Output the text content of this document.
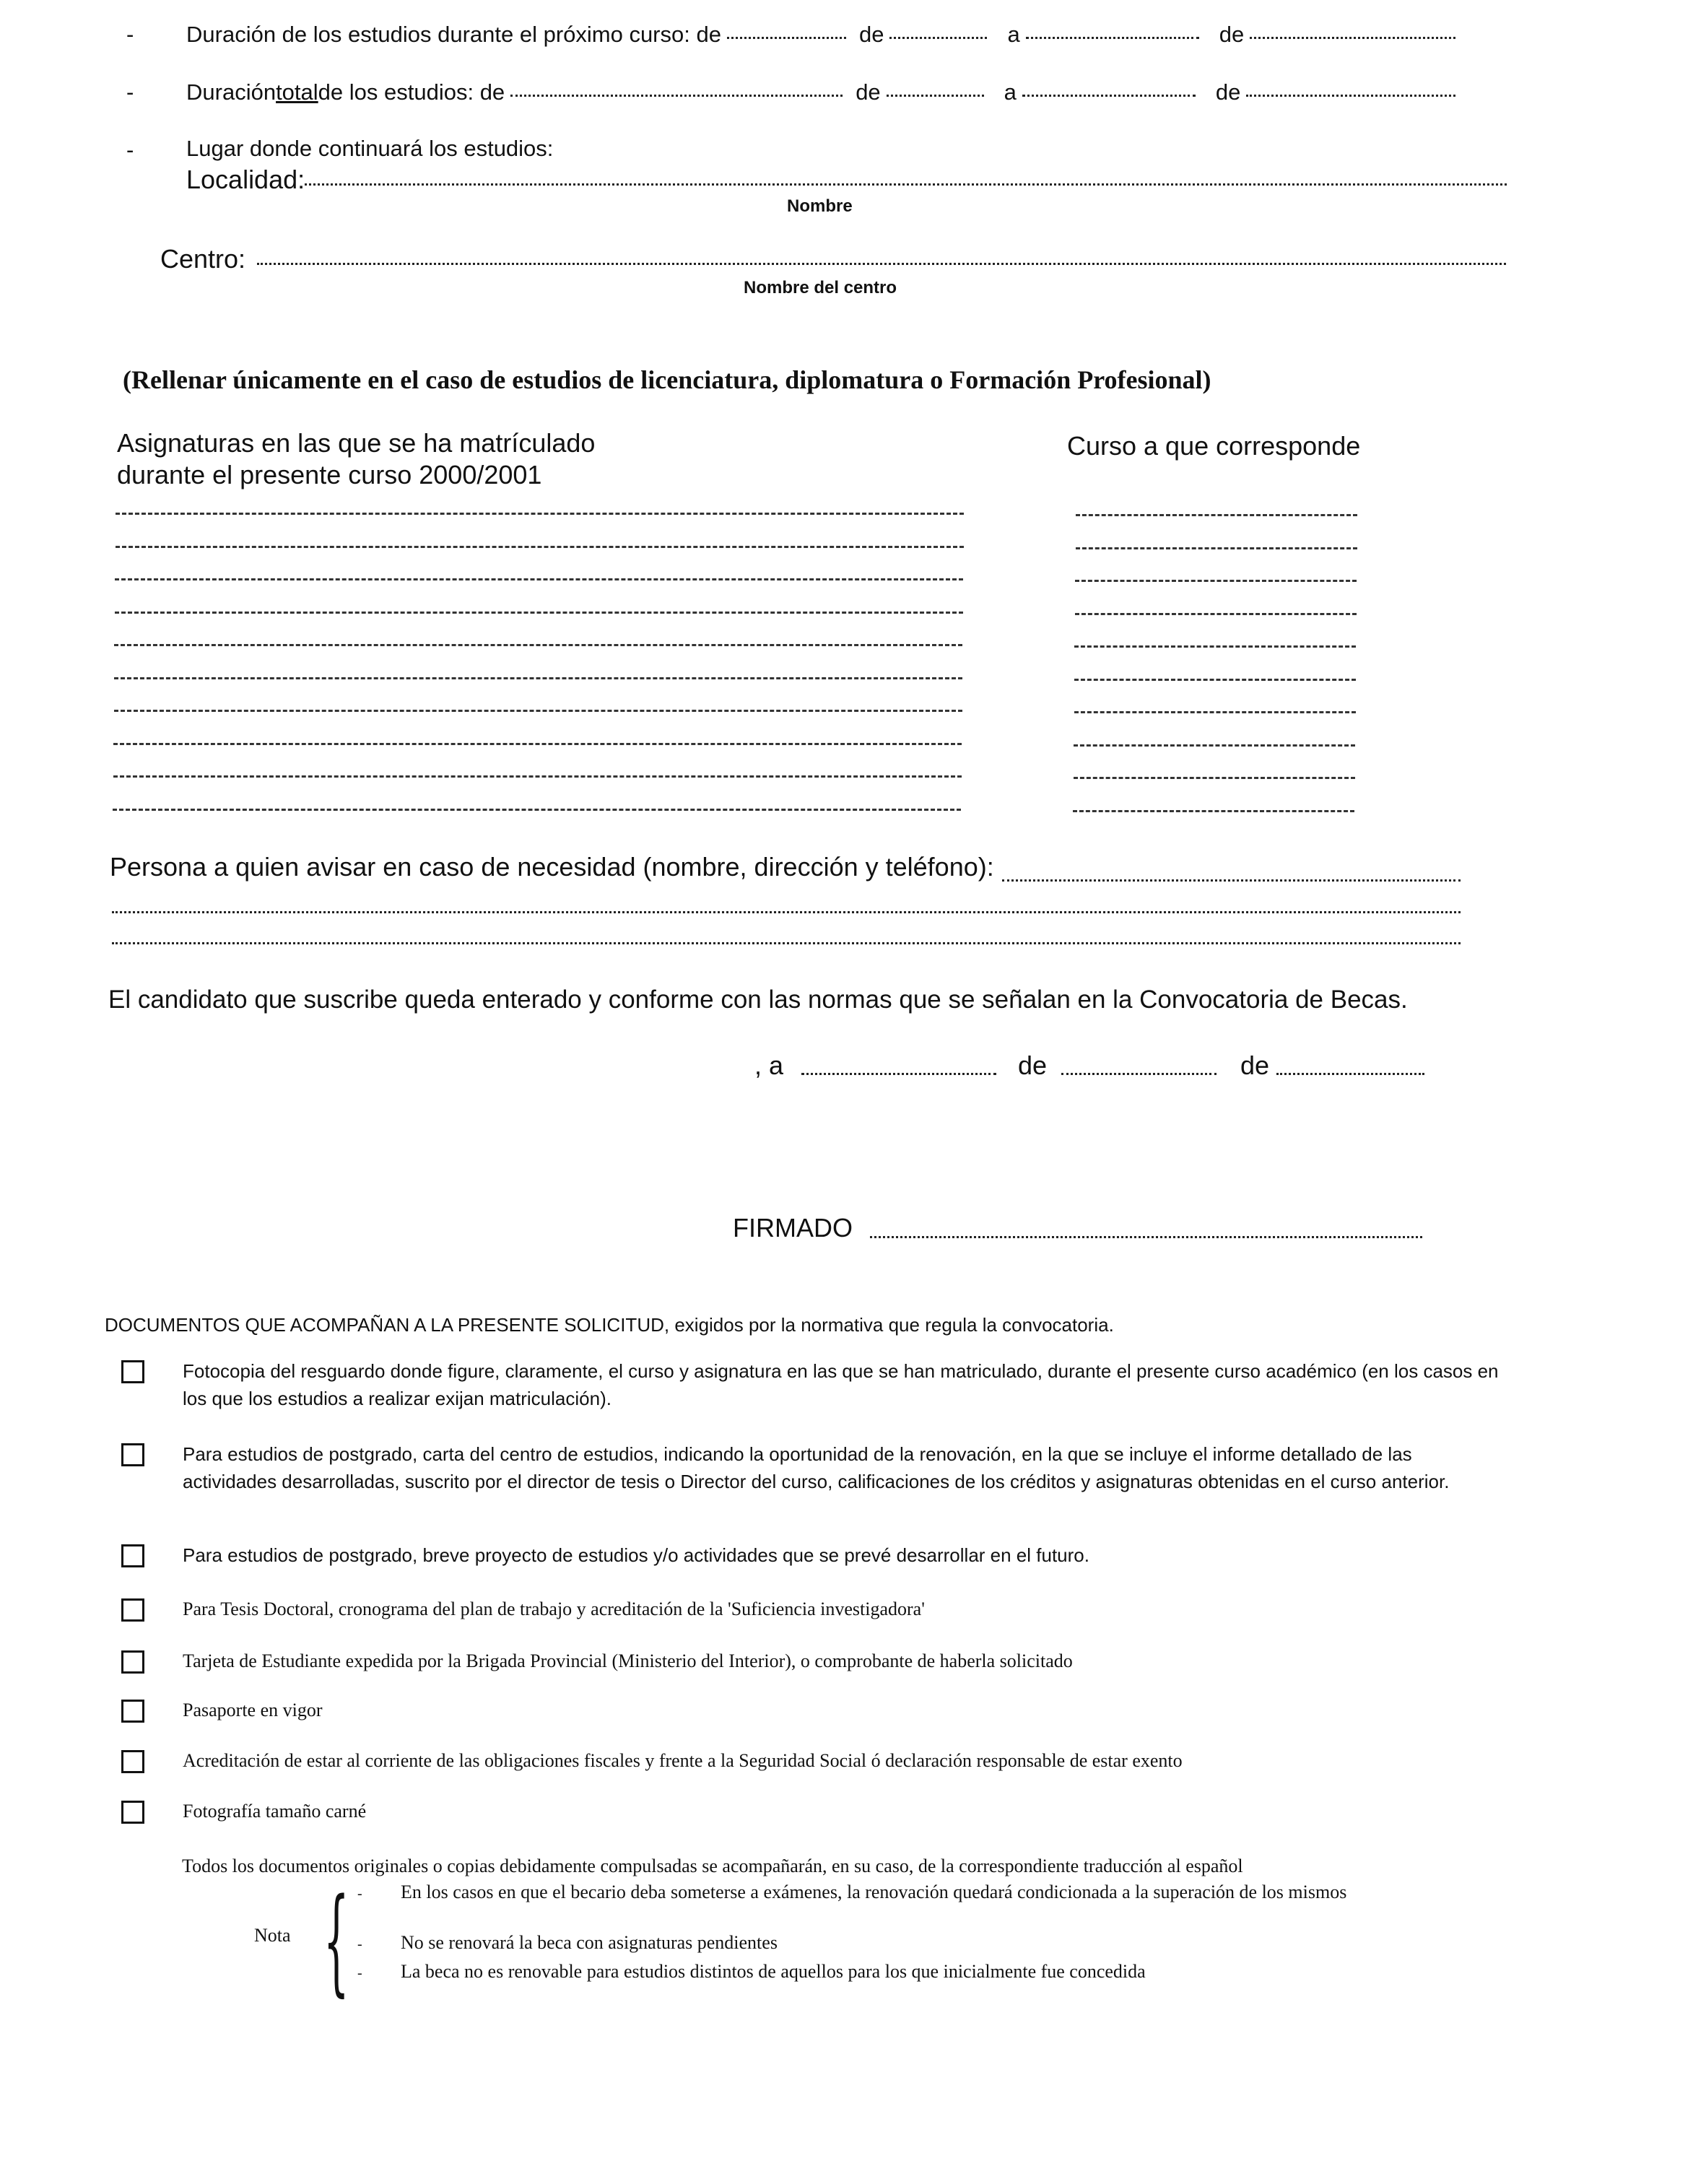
- Duración de los estudios durante el próximo curso: de	de	a	de
- Duración total de los estudios: de	de	a	de
- Lugar donde continuará los estudios:
Localidad:
Nombre
Centro:
Nombre del centro
(Rellenar únicamente en el caso de estudios de licenciatura, diplomatura o Formación Profesional)
Asignaturas en las que se ha matrículado
durante el presente curso 2000/2001
Curso a que corresponde
Persona a quien avisar en caso de necesidad (nombre, dirección y teléfono):
El candidato que suscribe queda enterado y conforme con las normas que se señalan en la Convocatoria de Becas.
, a	de	de
FIRMADO
DOCUMENTOS QUE ACOMPAÑAN A LA PRESENTE SOLICITUD, exigidos por la normativa que regula la convocatoria.
Fotocopia del resguardo donde figure, claramente, el curso y asignatura en las que se han matriculado, durante el presente curso académico (en los casos en los que los estudios a realizar exijan matriculación).
Para estudios de postgrado, carta del centro de estudios, indicando la oportunidad de la renovación, en la que se incluye el informe detallado de las actividades desarrolladas, suscrito por el director de tesis o Director del curso, calificaciones de los créditos y asignaturas obtenidas en el curso anterior.
Para estudios de postgrado, breve proyecto de estudios y/o actividades que se prevé desarrollar en el futuro.
Para Tesis Doctoral, cronograma del plan de trabajo y acreditación de la 'Suficiencia investigadora'
Tarjeta de Estudiante expedida por la Brigada Provincial (Ministerio del Interior), o comprobante de haberla solicitado
Pasaporte en vigor
Acreditación de estar al corriente de las obligaciones fiscales y frente a la Seguridad Social ó declaración responsable de estar exento
Fotografía tamaño carné
Todos los documentos originales o copias debidamente compulsadas se acompañarán, en su caso, de la correspondiente traducción al español
Nota { - En los casos en que el becario deba someterse a exámenes, la renovación quedará condicionada a la superación de los mismos
- No se renovará la beca con asignaturas pendientes
- La beca no es renovable para estudios distintos de aquellos para los que inicialmente fue concedida
